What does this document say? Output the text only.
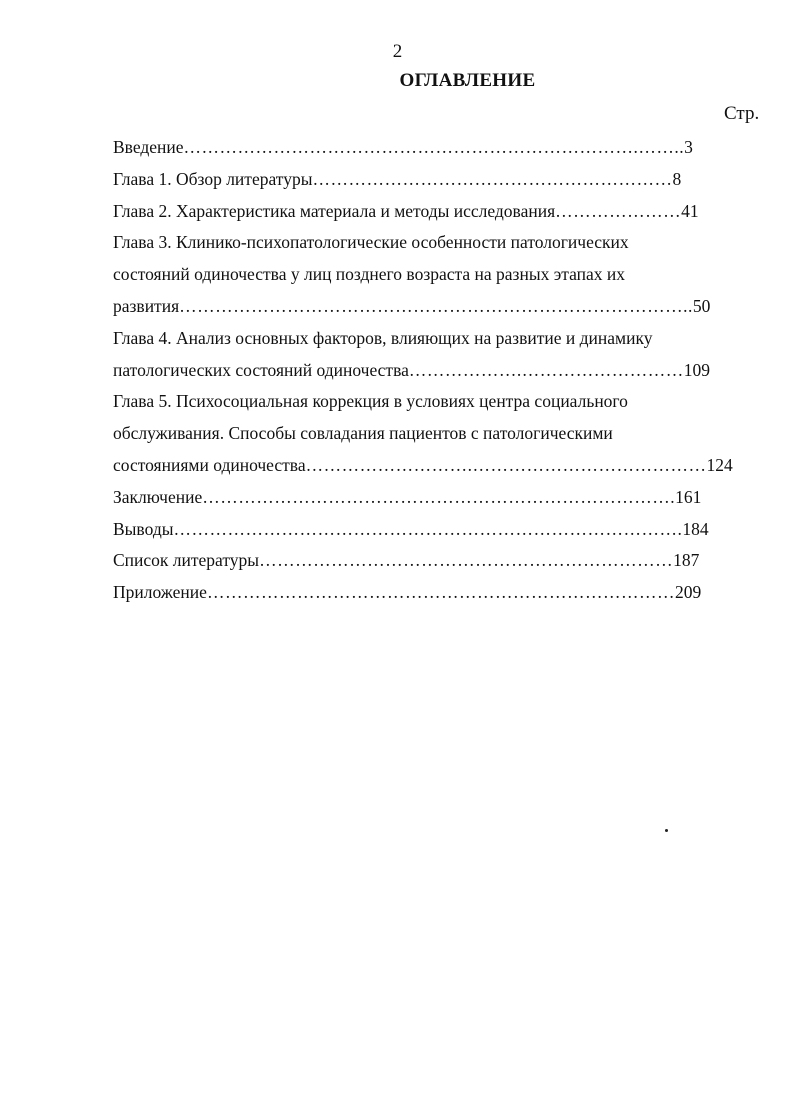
2
ОГЛАВЛЕНИЕ
Стр.
Введение………………………………………………………………….……..3
Глава 1. Обзор литературы……………………………………………………8
Глава 2. Характеристика материала и методы исследования…………………41
Глава 3. Клинико-психопатологические особенности патологических
состояний одиночества у лиц позднего возраста на разных этапах их
развития…………………………………………………………………………..50
Глава 4. Анализ основных факторов, влияющих на развитие и динамику
патологических состояний одиночества……………….………………………109
Глава 5. Психосоциальная коррекция в условиях центра социального
обслуживания. Способы совладания пациентов с патологическими
состояниями одиночества……………………….…………………………………124
Заключение…………………………………………………………………….161
Выводы………………………………………………………………………….184
Список литературы……………………………………………………………187
Приложение……………………………………………………………………209
